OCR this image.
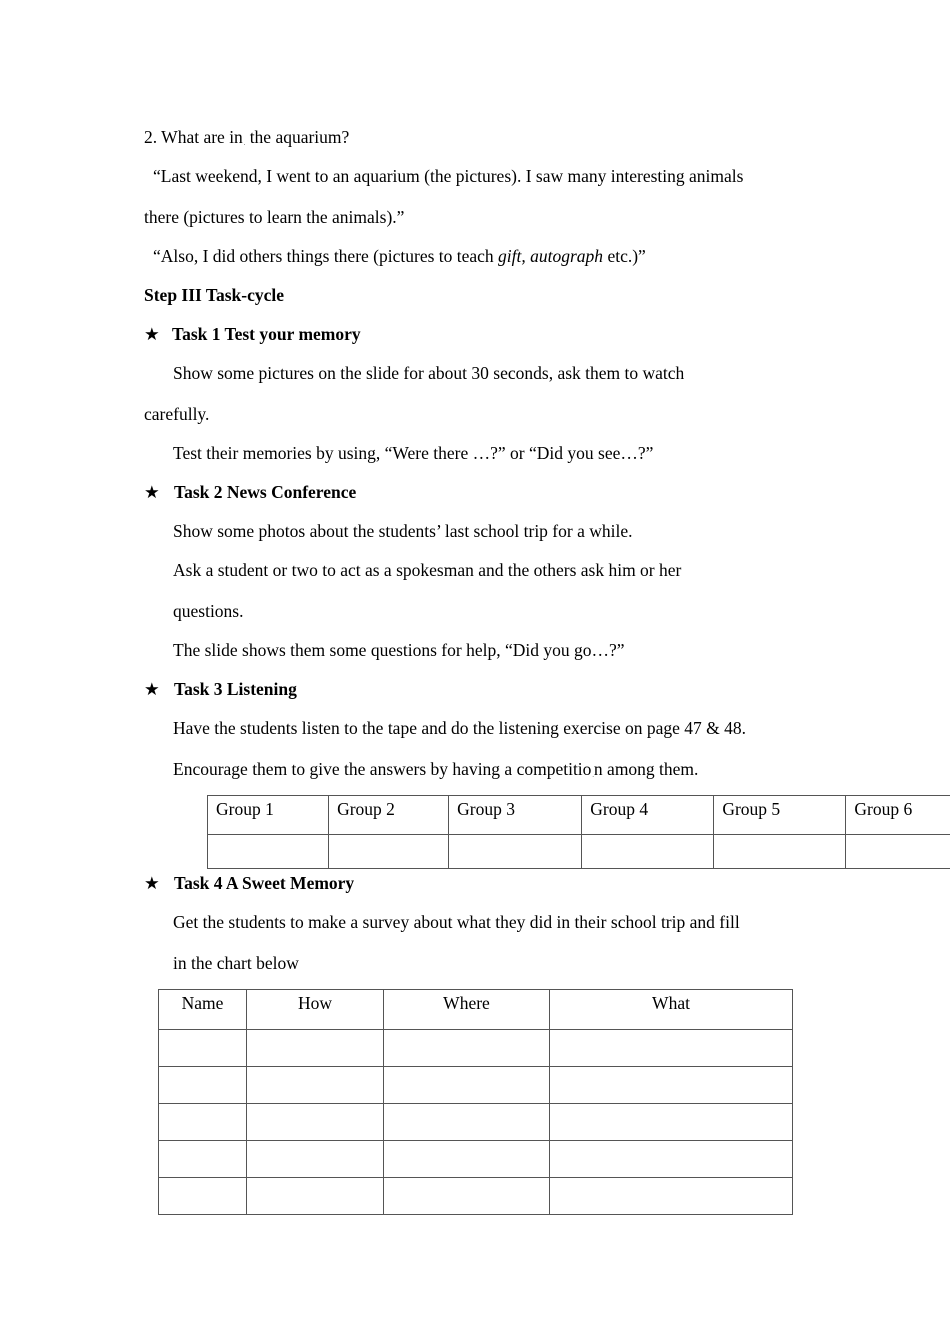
2. What are in. the aquarium?
“Last weekend, I went to an aquarium (the pictures). I saw many interesting animals
there (pictures to learn the animals).”
“Also, I did others things there (pictures to teach gift, autograph etc.)”
Step III Task-cycle
★ Task 1 Test your memory
Show some pictures on the slide for about 30 seconds, ask them to watch
carefully.
Test their memories by using, “Were there …?” or “Did you see…?”
★ Task 2 News Conference
Show some photos about the students’ last school trip for a while.
Ask a student or two to act as a spokesman and the others ask him or her
questions.
The slide shows them some questions for help, “Did you go…?”
★ Task 3 Listening
Have the students listen to the tape and do the listening exercise on page 47 & 48.
Encourage them to give the answers by having a competitio.n among them.
Group 1	Group 2	Group 3	Group 4	Group 5	Group 6

★ Task 4 A Sweet Memory
Get the students to make a survey about what they did in their school trip and fill
in the chart below
Name	How	Where	What
